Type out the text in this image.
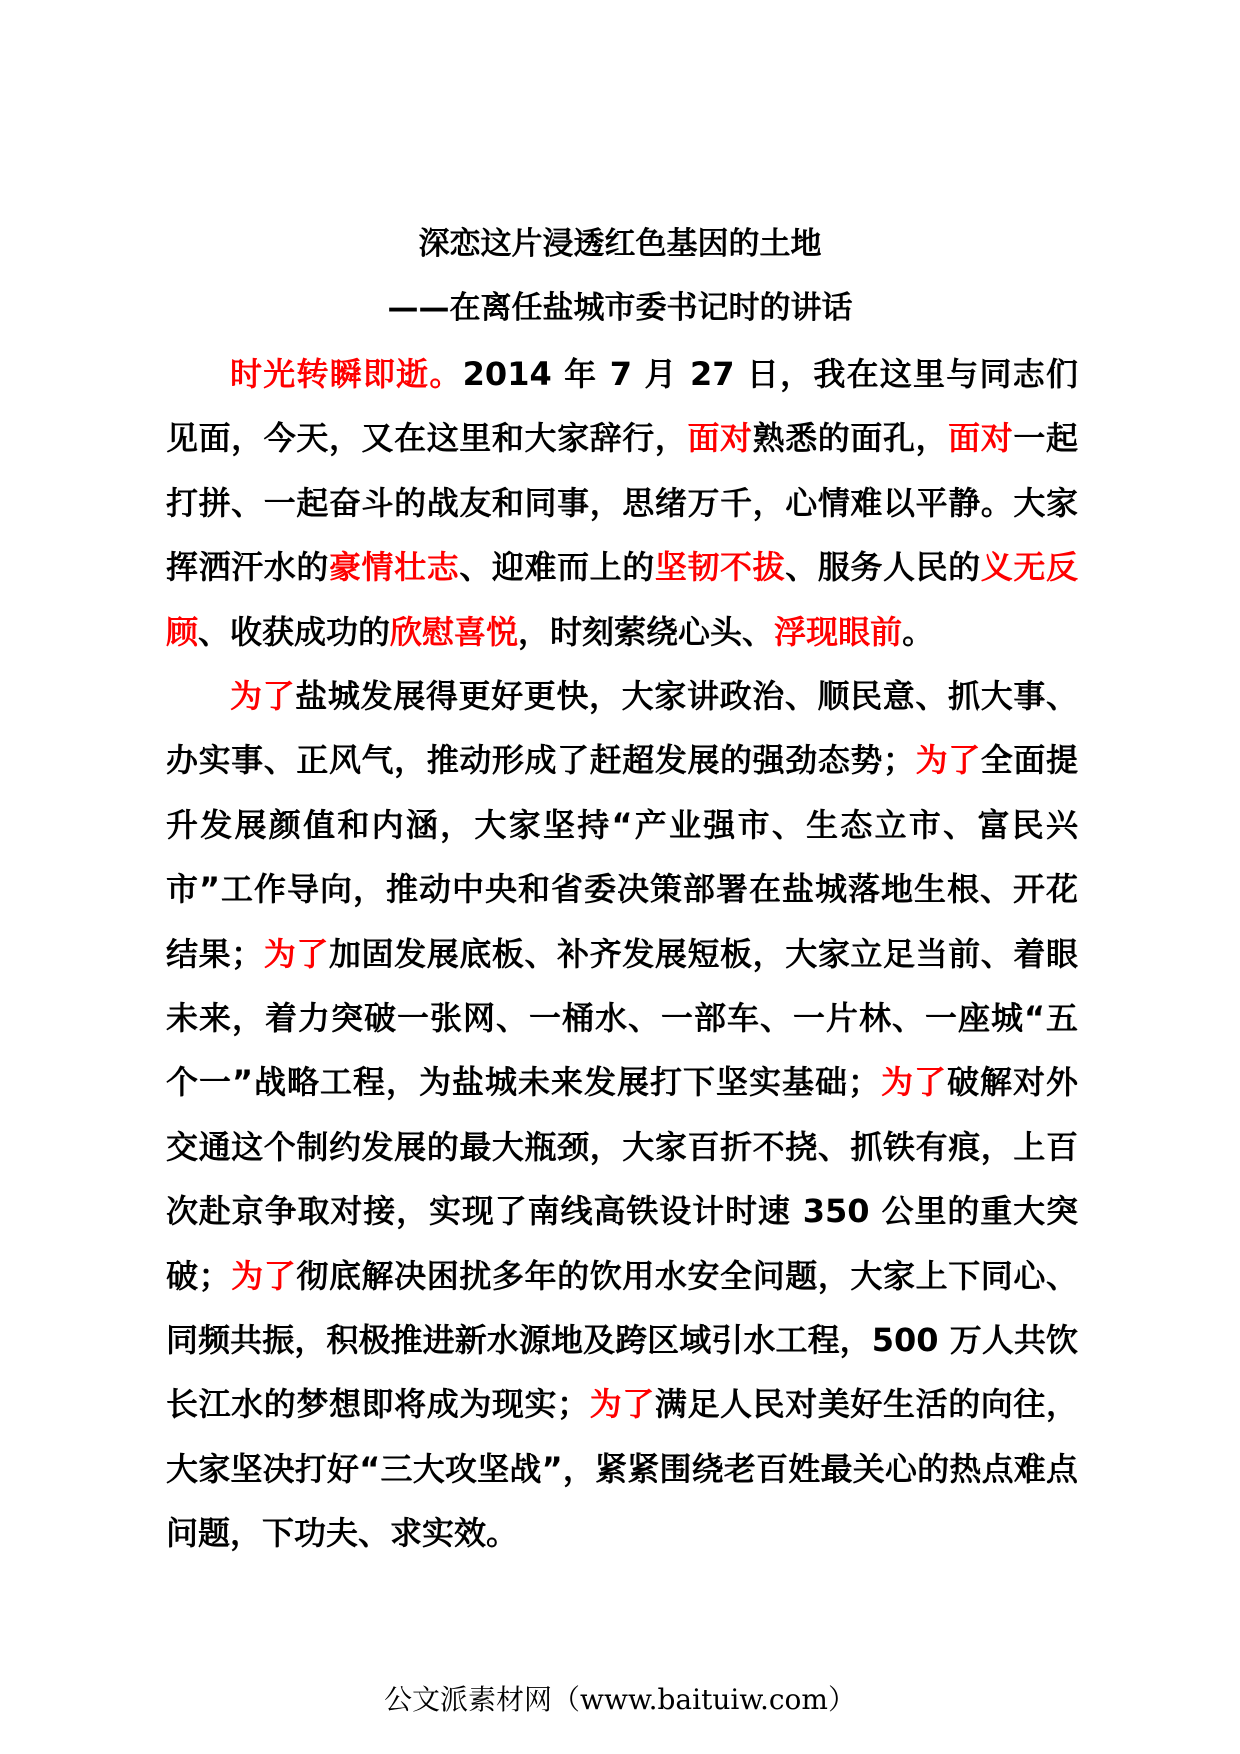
深恋这片浸透红色基因的土地
——在离任盐城市委书记时的讲话

时光转瞬即逝。2014 年 7 月 27 日，我在这里与同志们见面，今天，又在这里和大家辞行，面对熟悉的面孔，面对一起打拼、一起奋斗的战友和同事，思绪万千，心情难以平静。大家挥洒汗水的豪情壮志、迎难而上的坚韧不拔、服务人民的义无反顾、收获成功的欣慰喜悦，时刻萦绕心头、浮现眼前。

为了盐城发展得更好更快，大家讲政治、顺民意、抓大事、办实事、正风气，推动形成了赶超发展的强劲态势；为了全面提升发展颜值和内涵，大家坚持“产业强市、生态立市、富民兴市”工作导向，推动中央和省委决策部署在盐城落地生根、开花结果；为了加固发展底板、补齐发展短板，大家立足当前、着眼未来，着力突破一张网、一桶水、一部车、一片林、一座城“五个一”战略工程，为盐城未来发展打下坚实基础；为了破解对外交通这个制约发展的最大瓶颈，大家百折不挠、抓铁有痕，上百次赴京争取对接，实现了南线高铁设计时速 350 公里的重大突破；为了彻底解决困扰多年的饮用水安全问题，大家上下同心、同频共振，积极推进新水源地及跨区域引水工程，500 万人共饮长江水的梦想即将成为现实；为了满足人民对美好生活的向往，大家坚决打好“三大攻坚战”，紧紧围绕老百姓最关心的热点难点问题，下功夫、求实效。

公文派素材网（www.baituiw.com）
